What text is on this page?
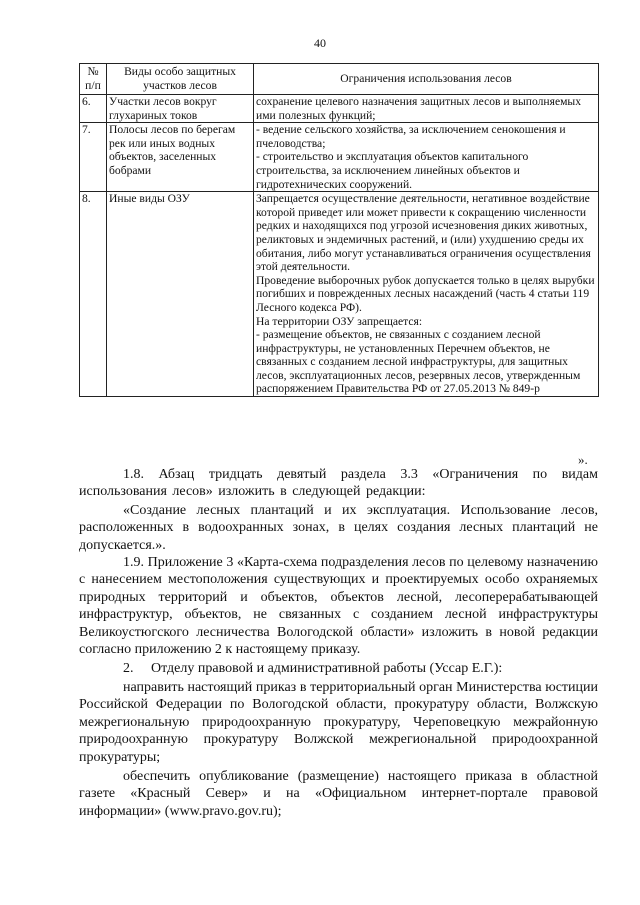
40
№ п/п	Виды особо защитных участков лесов	Ограничения использования лесов
6.	Участки лесов вокруг глухариных токов	сохранение целевого назначения защитных лесов и выполняемых ими полезных функций;

7.	Полосы лесов по берегам рек или иных водных объектов, заселенных бобрами	- ведение сельского хозяйства, за исключением сенокошения и пчеловодства;

- строительство и эксплуатация объектов капитального строительства, за исключением линейных объектов и гидротехнических сооружений.

8.	Иные виды ОЗУ	Запрещается осуществление деятельности, негативное воздействие которой приведет или может привести к сокращению численности редких и находящихся под угрозой исчезновения диких животных, реликтовых и эндемичных растений, и (или) ухудшению среды их обитания, либо могут устанавливаться ограничения осуществления этой деятельности.

Проведение выборочных рубок допускается только в целях вырубки погибших и поврежденных лесных насаждений (часть 4 статьи 119 Лесного кодекса РФ).

На территории ОЗУ запрещается:

- размещение объектов, не связанных с созданием лесной инфраструктуры, не установленных Перечнем объектов, не связанных с созданием лесной инфраструктуры, для защитных лесов, эксплуатационных лесов, резервных лесов, утвержденным распоряжением Правительства РФ от 27.05.2013 № 849-р

».
1.8. Абзац тридцать девятый раздела 3.3 «Ограничения по видам использования лесов» изложить в следующей редакции:
«Создание лесных плантаций и их эксплуатация. Использование лесов, расположенных в водоохранных зонах, в целях создания лесных плантаций не допускается.».
1.9. Приложение 3 «Карта-схема подразделения лесов по целевому назначению с нанесением местоположения существующих и проектируемых особо охраняемых природных территорий и объектов, объектов лесной, лесоперерабатывающей инфраструктур, объектов, не связанных с созданием лесной инфраструктуры Великоустюгского лесничества Вологодской области» изложить в новой редакции согласно приложению 2 к настоящему приказу.
2.     Отделу правовой и административной работы (Уссар Е.Г.):
направить настоящий приказ в территориальный орган Министерства юстиции Российской Федерации по Вологодской области, прокуратуру области, Волжскую межрегиональную природоохранную прокуратуру, Череповецкую межрайонную природоохранную прокуратуру Волжской межрегиональной природоохранной прокуратуры;
обеспечить опубликование (размещение) настоящего приказа в областной газете «Красный Север» и на «Официальном интернет-портале правовой информации» (www.pravo.gov.ru);
